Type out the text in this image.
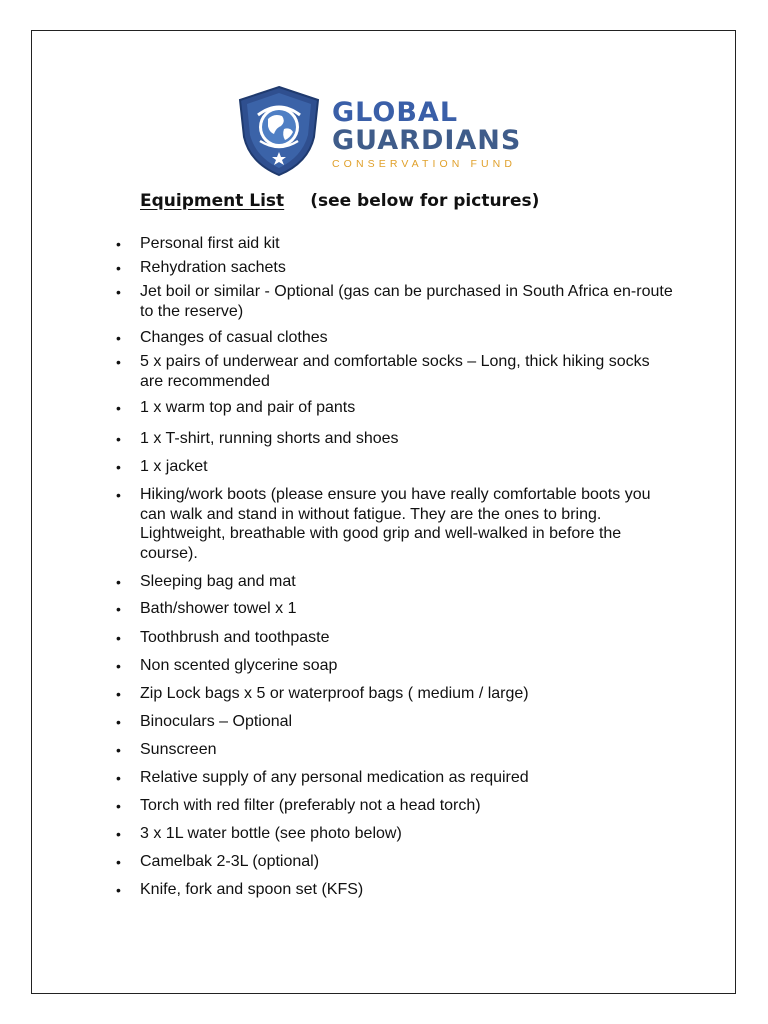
GLOBAL
GUARDIANS
CONSERVATION FUND
Equipment List (see below for pictures)
• Personal first aid kit
• Rehydration sachets
• Jet boil or similar - Optional (gas can be purchased in South Africa en-route to the reserve)
• Changes of casual clothes
• 5 x pairs of underwear and comfortable socks – Long, thick hiking socks are recommended
• 1 x warm top and pair of pants
• 1 x T-shirt, running shorts and shoes
• 1 x jacket
• Hiking/work boots (please ensure you have really comfortable boots you can walk and stand in without fatigue. They are the ones to bring. Lightweight, breathable with good grip and well-walked in before the course).
• Sleeping bag and mat
• Bath/shower towel x 1
• Toothbrush and toothpaste
• Non scented glycerine soap
• Zip Lock bags x 5 or waterproof bags ( medium / large)
• Binoculars – Optional
• Sunscreen
• Relative supply of any personal medication as required
• Torch with red filter (preferably not a head torch)
• 3 x 1L water bottle (see photo below)
• Camelbak 2-3L (optional)
• Knife, fork and spoon set (KFS)
